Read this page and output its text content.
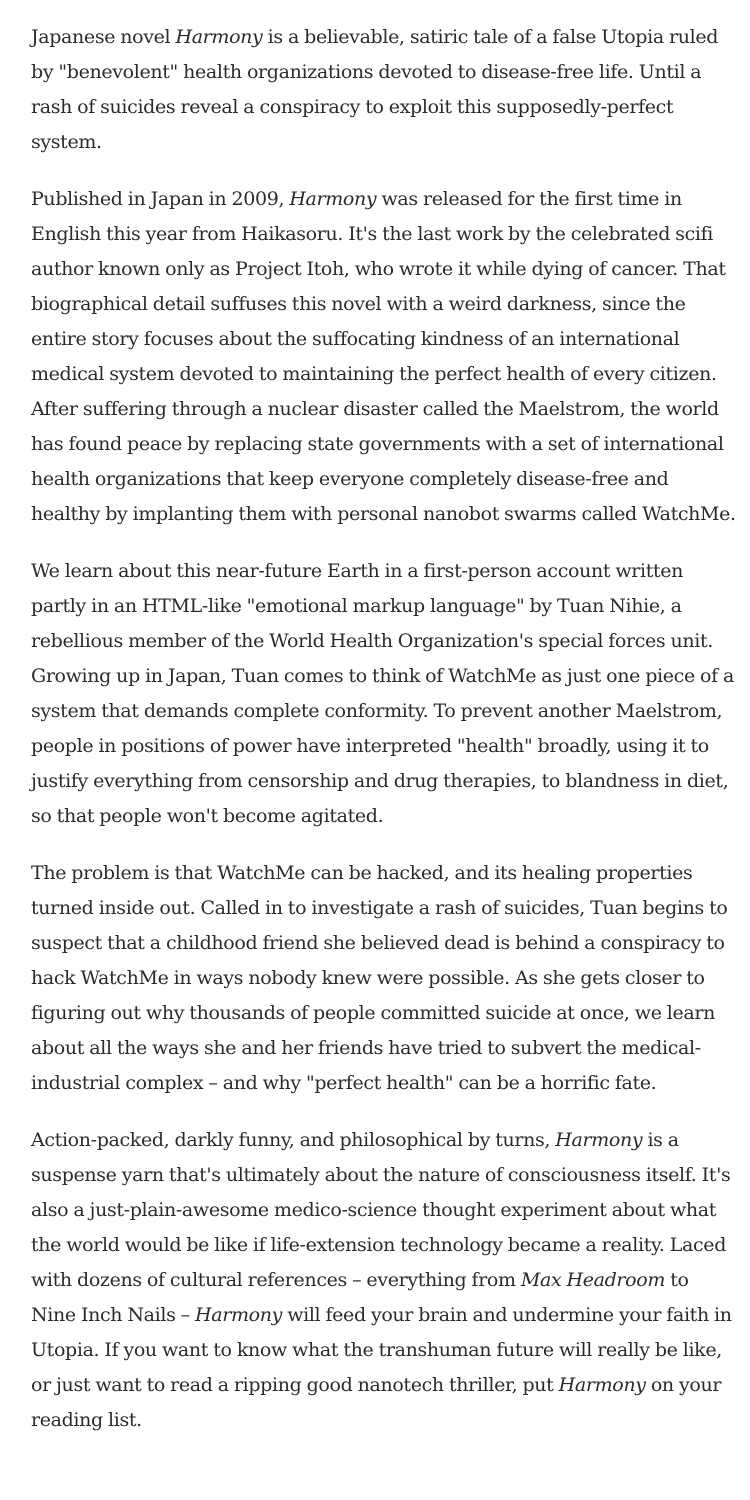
Japanese novel Harmony is a believable, satiric tale of a false Utopia ruled by "benevolent" health organizations devoted to disease-free life. Until a rash of suicides reveal a conspiracy to exploit this supposedly-perfect system.

Published in Japan in 2009, Harmony was released for the first time in English this year from Haikasoru. It's the last work by the celebrated scifi author known only as Project Itoh, who wrote it while dying of cancer. That biographical detail suffuses this novel with a weird darkness, since the entire story focuses about the suffocating kindness of an international medical system devoted to maintaining the perfect health of every citizen. After suffering through a nuclear disaster called the Maelstrom, the world has found peace by replacing state governments with a set of international health organizations that keep everyone completely disease-free and healthy by implanting them with personal nanobot swarms called WatchMe.

We learn about this near-future Earth in a first-person account written partly in an HTML-like "emotional markup language" by Tuan Nihie, a rebellious member of the World Health Organization's special forces unit. Growing up in Japan, Tuan comes to think of WatchMe as just one piece of a system that demands complete conformity. To prevent another Maelstrom, people in positions of power have interpreted "health" broadly, using it to justify everything from censorship and drug therapies, to blandness in diet, so that people won't become agitated.

The problem is that WatchMe can be hacked, and its healing properties turned inside out. Called in to investigate a rash of suicides, Tuan begins to suspect that a childhood friend she believed dead is behind a conspiracy to hack WatchMe in ways nobody knew were possible. As she gets closer to figuring out why thousands of people committed suicide at once, we learn about all the ways she and her friends have tried to subvert the medical-industrial complex – and why "perfect health" can be a horrific fate.

Action-packed, darkly funny, and philosophical by turns, Harmony is a suspense yarn that's ultimately about the nature of consciousness itself. It's also a just-plain-awesome medico-science thought experiment about what the world would be like if life-extension technology became a reality. Laced with dozens of cultural references – everything from Max Headroom to Nine Inch Nails – Harmony will feed your brain and undermine your faith in Utopia. If you want to know what the transhuman future will really be like, or just want to read a ripping good nanotech thriller, put Harmony on your reading list.
